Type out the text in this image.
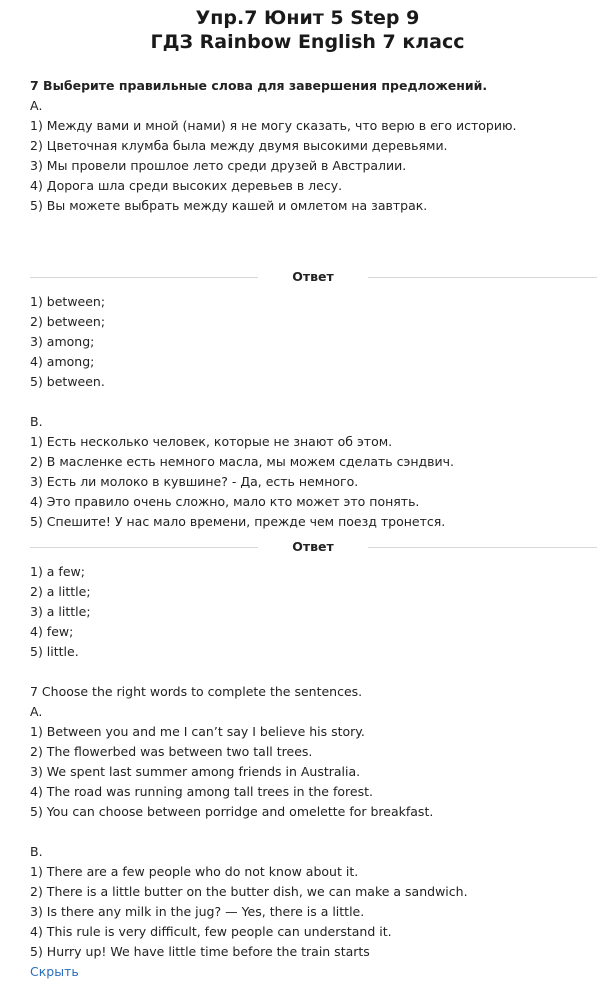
Упр.7 Юнит 5 Step 9
ГДЗ Rainbow English 7 класс
7 Выберите правильные слова для завершения предложений.
А.
1) Между вами и мной (нами) я не могу сказать, что верю в его историю.
2) Цветочная клумба была между двумя высокими деревьями.
3) Мы провели прошлое лето среди друзей в Австралии.
4) Дорога шла среди высоких деревьев в лесу.
5) Вы можете выбрать между кашей и омлетом на завтрак.
Ответ
1) between;
2) between;
3) among;
4) among;
5) between.
В.
1) Есть несколько человек, которые не знают об этом.
2) В масленке есть немного масла, мы можем сделать сэндвич.
3) Есть ли молоко в кувшине? - Да, есть немного.
4) Это правило очень сложно, мало кто может это понять.
5) Спешите! У нас мало времени, прежде чем поезд тронется.
Ответ
1) a few;
2) a little;
3) a little;
4) few;
5) little.
7 Choose the right words to complete the sentences.
A.
1) Between you and me I can’t say I believe his story.
2) The flowerbed was between two tall trees.
3) We spent last summer among friends in Australia.
4) The road was running among tall trees in the forest.
5) You can choose between porridge and omelette for breakfast.
B.
1) There are a few people who do not know about it.
2) There is a little butter on the butter dish, we can make a sandwich.
3) Is there any milk in the jug? — Yes, there is a little.
4) This rule is very difficult, few people can understand it.
5) Hurry up! We have little time before the train starts
Скрыть
